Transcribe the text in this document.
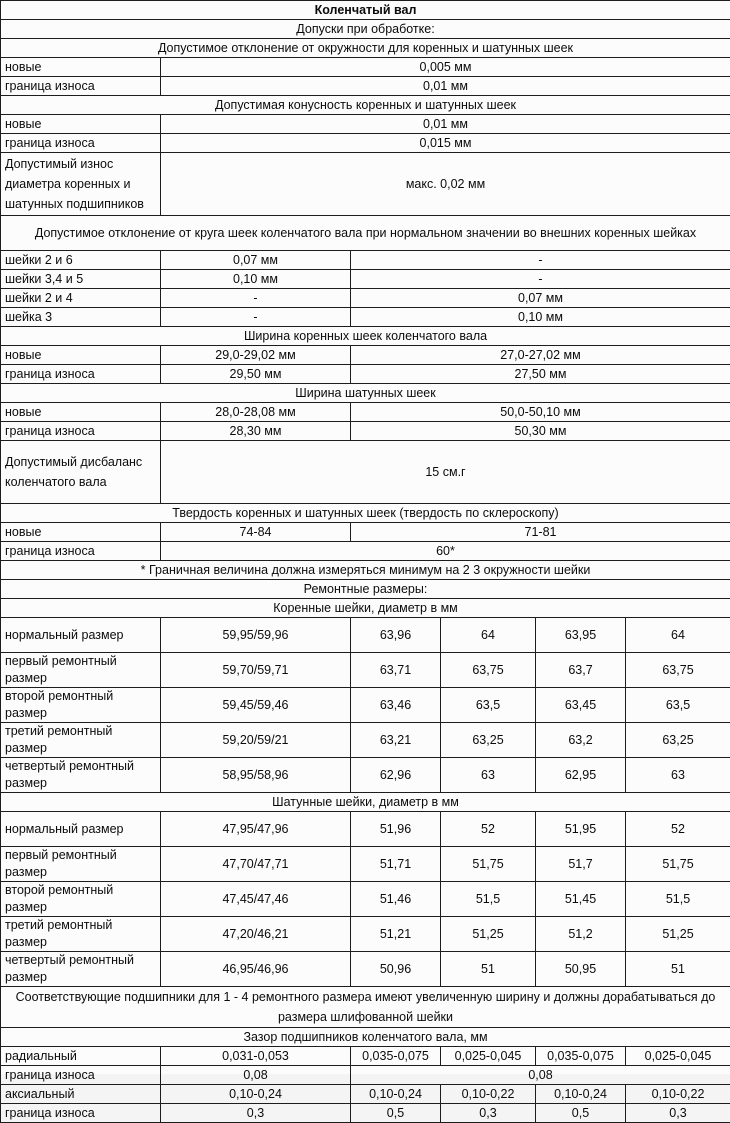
Коленчатый вал					
Допуски при обработке:					
Допустимое отклонение от окружности для коренных и шатунных шеек					
новые	0,005 мм				
граница износа	0,01 мм				
Допустимая конусность коренных и шатунных шеек					
новые	0,01 мм				
граница износа	0,015 мм				
Допустимый износ диаметра коренных и шатунных подшипников	макс. 0,02 мм				
Допустимое отклонение от круга шеек коленчатого вала при нормальном значении во внешних коренных шейках					
шейки 2 и 6	0,07 мм	-			
шейки 3,4 и 5	0,10 мм	-			
шейки 2 и 4	-	0,07 мм			
шейка 3	-	0,10 мм			
Ширина коренных шеек коленчатого вала					
новые	29,0-29,02 мм	27,0-27,02 мм			
граница износа	29,50 мм	27,50 мм			
Ширина шатунных шеек					
новые	28,0-28,08 мм	50,0-50,10 мм			
граница износа	28,30 мм	50,30 мм			
Допустимый дисбаланс коленчатого вала	15 см.г				
Твердость коренных и шатунных шеек (твердость по склероскопу)					
новые	74-84	71-81			
граница износа	60*				
* Граничная величина должна измеряться минимум на 2 3 окружности шейки					
Ремонтные размеры:					
Коренные шейки, диаметр в мм					
нормальный размер	59,95/59,96	63,96	64	63,95	64
первый ремонтный размер	59,70/59,71	63,71	63,75	63,7	63,75
второй ремонтный размер	59,45/59,46	63,46	63,5	63,45	63,5
третий ремонтный размер	59,20/59/21	63,21	63,25	63,2	63,25
четвертый ремонтный размер	58,95/58,96	62,96	63	62,95	63
Шатунные шейки, диаметр в мм					
нормальный размер	47,95/47,96	51,96	52	51,95	52
первый ремонтный размер	47,70/47,71	51,71	51,75	51,7	51,75
второй ремонтный размер	47,45/47,46	51,46	51,5	51,45	51,5
третий ремонтный размер	47,20/46,21	51,21	51,25	51,2	51,25
четвертый ремонтный размер	46,95/46,96	50,96	51	50,95	51
Соответствующие подшипники для 1 - 4 ремонтного размера имеют увеличенную ширину и должны дорабатываться до размера шлифованной шейки					
Зазор подшипников коленчатого вала, мм					
радиальный	0,031-0,053	0,035-0,075	0,025-0,045	0,035-0,075	0,025-0,045
граница износа	0,08	0,08			
аксиальный	0,10-0,24	0,10-0,24	0,10-0,22	0,10-0,24	0,10-0,22
граница износа	0,3	0,5	0,3	0,5	0,3
